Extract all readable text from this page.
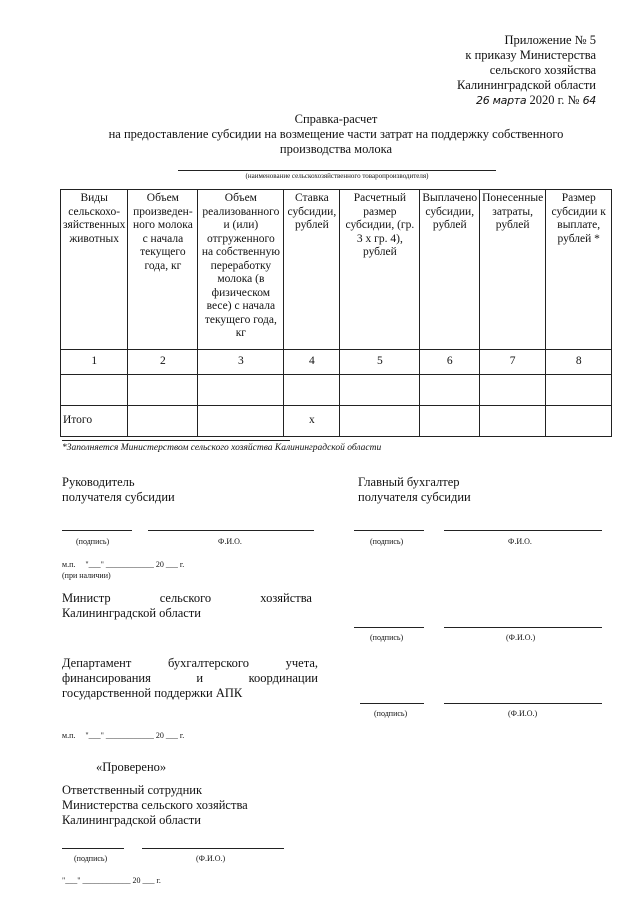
Приложение № 5
к приказу Министерства
сельского хозяйства
Калининградской области
26 марта 2020 г. № 64
Справка-расчет
на предоставление субсидии на возмещение части затрат на поддержку собственного
производства молока
(наименование сельскохозяйственного товаропроизводителя)
Виды сельскохо-зяйственных животных	Объем произведен-ного молока с начала текущего года, кг	Объем реализованного и (или) отгруженного на собственную переработку молока (в физическом весе) с начала текущего года, кг	Ставка субсидии, рублей	Расчетный размер субсидии, (гр. 3 х гр. 4), рублей	Выплачено субсидии, рублей	Понесенные затраты, рублей	Размер субсидии к выплате, рублей *
1	2	3	4	5	6	7	8

Итого			х				
*Заполняется Министерством сельского хозяйства Калининградской области
Руководитель
получателя субсидии
Главный бухгалтер
получателя субсидии
(подпись)	Ф.И.О.	(подпись)	Ф.И.О.
м.п.     "___" ____________ 20 ___ г.
(при наличии)
Министр          сельского          хозяйства
Калининградской области
(подпись)	(Ф.И.О.)
Департамент        бухгалтерского        учета,
финансирования          и          координации
государственной поддержки АПК
(подпись)	(Ф.И.О.)
м.п.     "___" ____________ 20 ___ г.
«Проверено»
Ответственный сотрудник
Министерства сельского хозяйства
Калининградской области
(подпись)	(Ф.И.О.)
"___" ____________ 20 ___ г.
